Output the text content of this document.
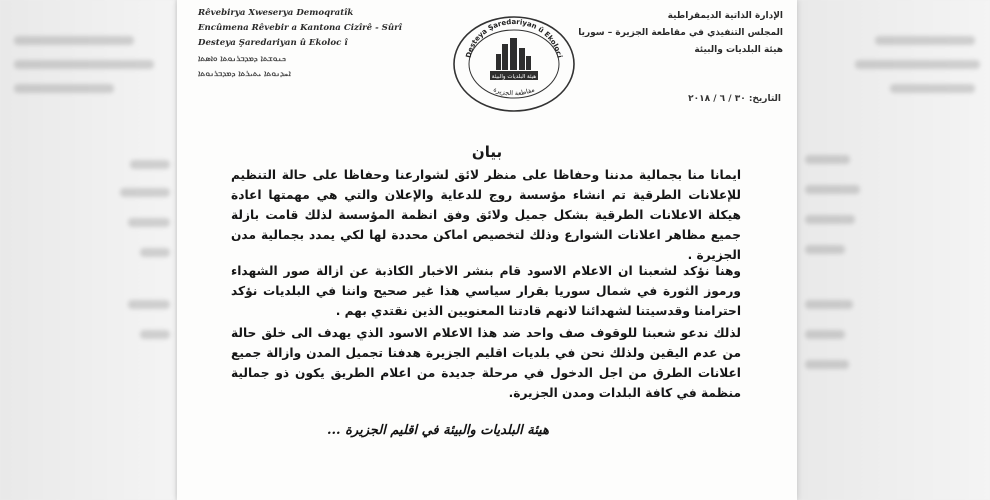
Rêvebirya Xweserya Demoqratîk
Encûmena Rêvebir a Kantona Cizîrê - Sûrî
Desteya Şaredariyan û Ekoloc î
ܟܢܘܫܬܐ ܕܡܕܒܪܢܘܬܐ ܘܐܣܬܐ
ܐܚܕܢܘܬܐ ܝܬܝܪܬܐ ܕܡܕܒܪܢܘܬܐ
Desteya Şaredariyan û Ekoloci
مقاطعة الجزيرة
هيئة البلديات والبيئة
الإدارة الذاتية الديمقراطية
المجلس التنفيذي في مقاطعة الجزيرة – سوريا
هيئة البلديات والبيئة
التاريخ: ٣٠ / ٦ / ٢٠١٨
بيان
ايمانا منا بجمالية مدننا وحفاظا على منظر لائق لشوارعنا وحفاظا على حالة التنظيم للإعلانات الطرقية تم انشاء مؤسسة روج للدعاية والإعلان والتي هي مهمتها اعادة هيكلة الاعلانات الطرقية بشكل جميل ولائق وفق انظمة المؤسسة لذلك قامت بازلة جميع مظاهر اعلانات الشوارع وذلك لتخصيص اماكن محددة لها لكي يمدد بجمالية مدن الجزيرة .
وهنا نؤكد لشعبنا ان الاعلام الاسود قام بنشر الاخبار الكاذبة عن ازالة صور الشهداء ورموز الثورة في شمال سوريا بقرار سياسي هذا غير صحيح واننا في البلديات نؤكد احترامنا وقدسيتنا لشهدائنا لانهم قادتنا المعنويين الذين نقتدي بهم .
لذلك ندعو شعبنا للوقوف صف واحد ضد هذا الاعلام الاسود الذي يهدف الى خلق حالة من عدم اليقين ولذلك نحن في بلديات اقليم الجزيرة هدفنا تجميل المدن وازالة جميع اعلانات الطرق من اجل الدخول في مرحلة جديدة من اعلام الطريق يكون ذو جمالية منظمة في كافة البلدات ومدن الجزيرة.
هيئة البلديات والبيئة في اقليم الجزيرة ...
